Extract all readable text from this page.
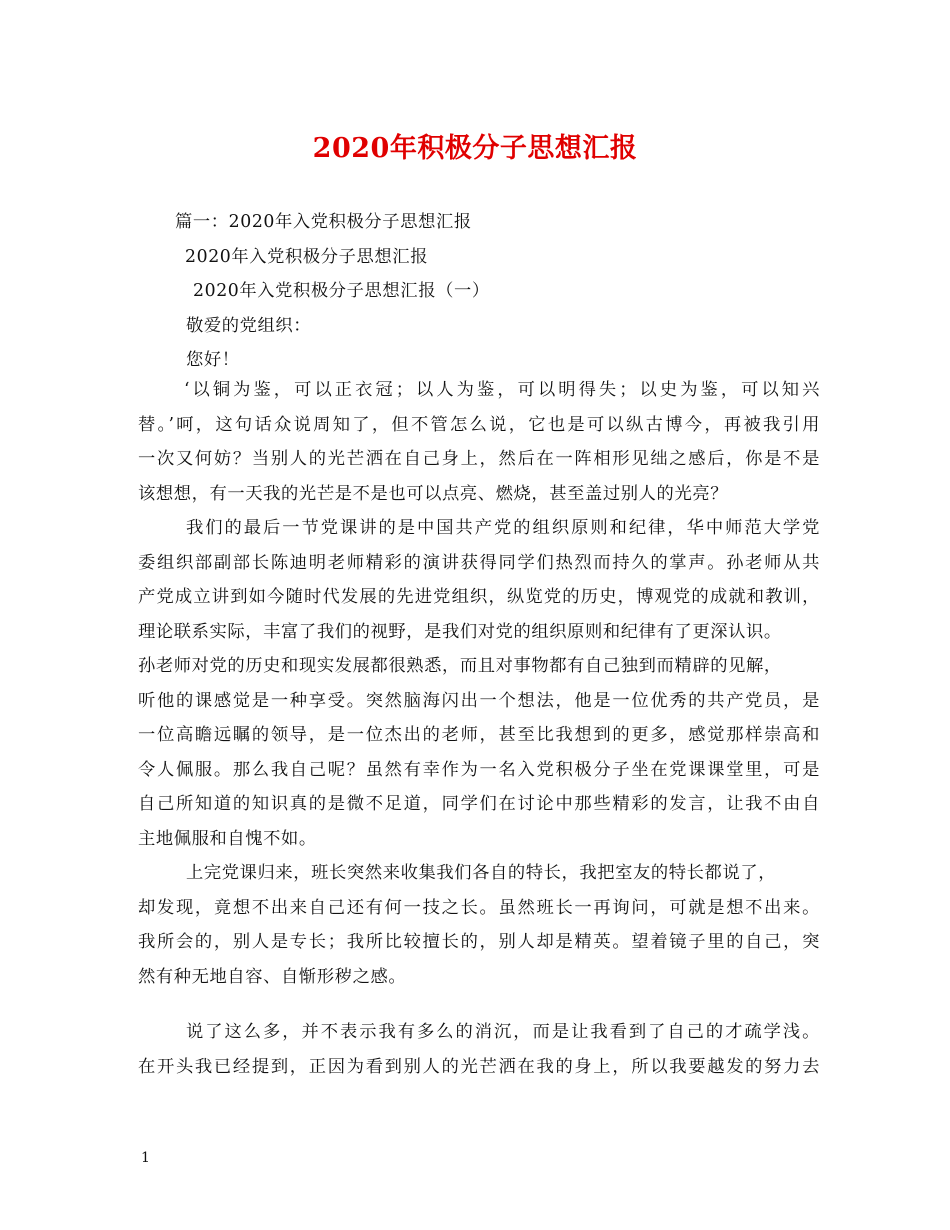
2020年积极分子思想汇报
篇一：2020年入党积极分子思想汇报
2020年入党积极分子思想汇报
2020年入党积极分子思想汇报（一）
敬爱的党组织：
您好！
‘以铜为鉴，可以正衣冠；以人为鉴，可以明得失；以史为鉴，可以知兴
替。’呵，这句话众说周知了，但不管怎么说，它也是可以纵古博今，再被我引用
一次又何妨？当别人的光芒洒在自己身上，然后在一阵相形见绌之感后，你是不是
该想想，有一天我的光芒是不是也可以点亮、燃烧，甚至盖过别人的光亮？
我们的最后一节党课讲的是中国共产党的组织原则和纪律，华中师范大学党
委组织部副部长陈迪明老师精彩的演讲获得同学们热烈而持久的掌声。孙老师从共
产党成立讲到如今随时代发展的先进党组织，纵览党的历史，博观党的成就和教训，
理论联系实际，丰富了我们的视野，是我们对党的组织原则和纪律有了更深认识。
孙老师对党的历史和现实发展都很熟悉，而且对事物都有自己独到而精辟的见解，
听他的课感觉是一种享受。突然脑海闪出一个想法，他是一位优秀的共产党员，是
一位高瞻远瞩的领导，是一位杰出的老师，甚至比我想到的更多，感觉那样崇高和
令人佩服。那么我自己呢？虽然有幸作为一名入党积极分子坐在党课课堂里，可是
自己所知道的知识真的是微不足道，同学们在讨论中那些精彩的发言，让我不由自
主地佩服和自愧不如。
上完党课归来，班长突然来收集我们各自的特长，我把室友的特长都说了，
却发现，竟想不出来自己还有何一技之长。虽然班长一再询问，可就是想不出来。
我所会的，别人是专长；我所比较擅长的，别人却是精英。望着镜子里的自己，突
然有种无地自容、自惭形秽之感。
说了这么多，并不表示我有多么的消沉，而是让我看到了自己的才疏学浅。
在开头我已经提到，正因为看到别人的光芒洒在我的身上，所以我要越发的努力去
1
